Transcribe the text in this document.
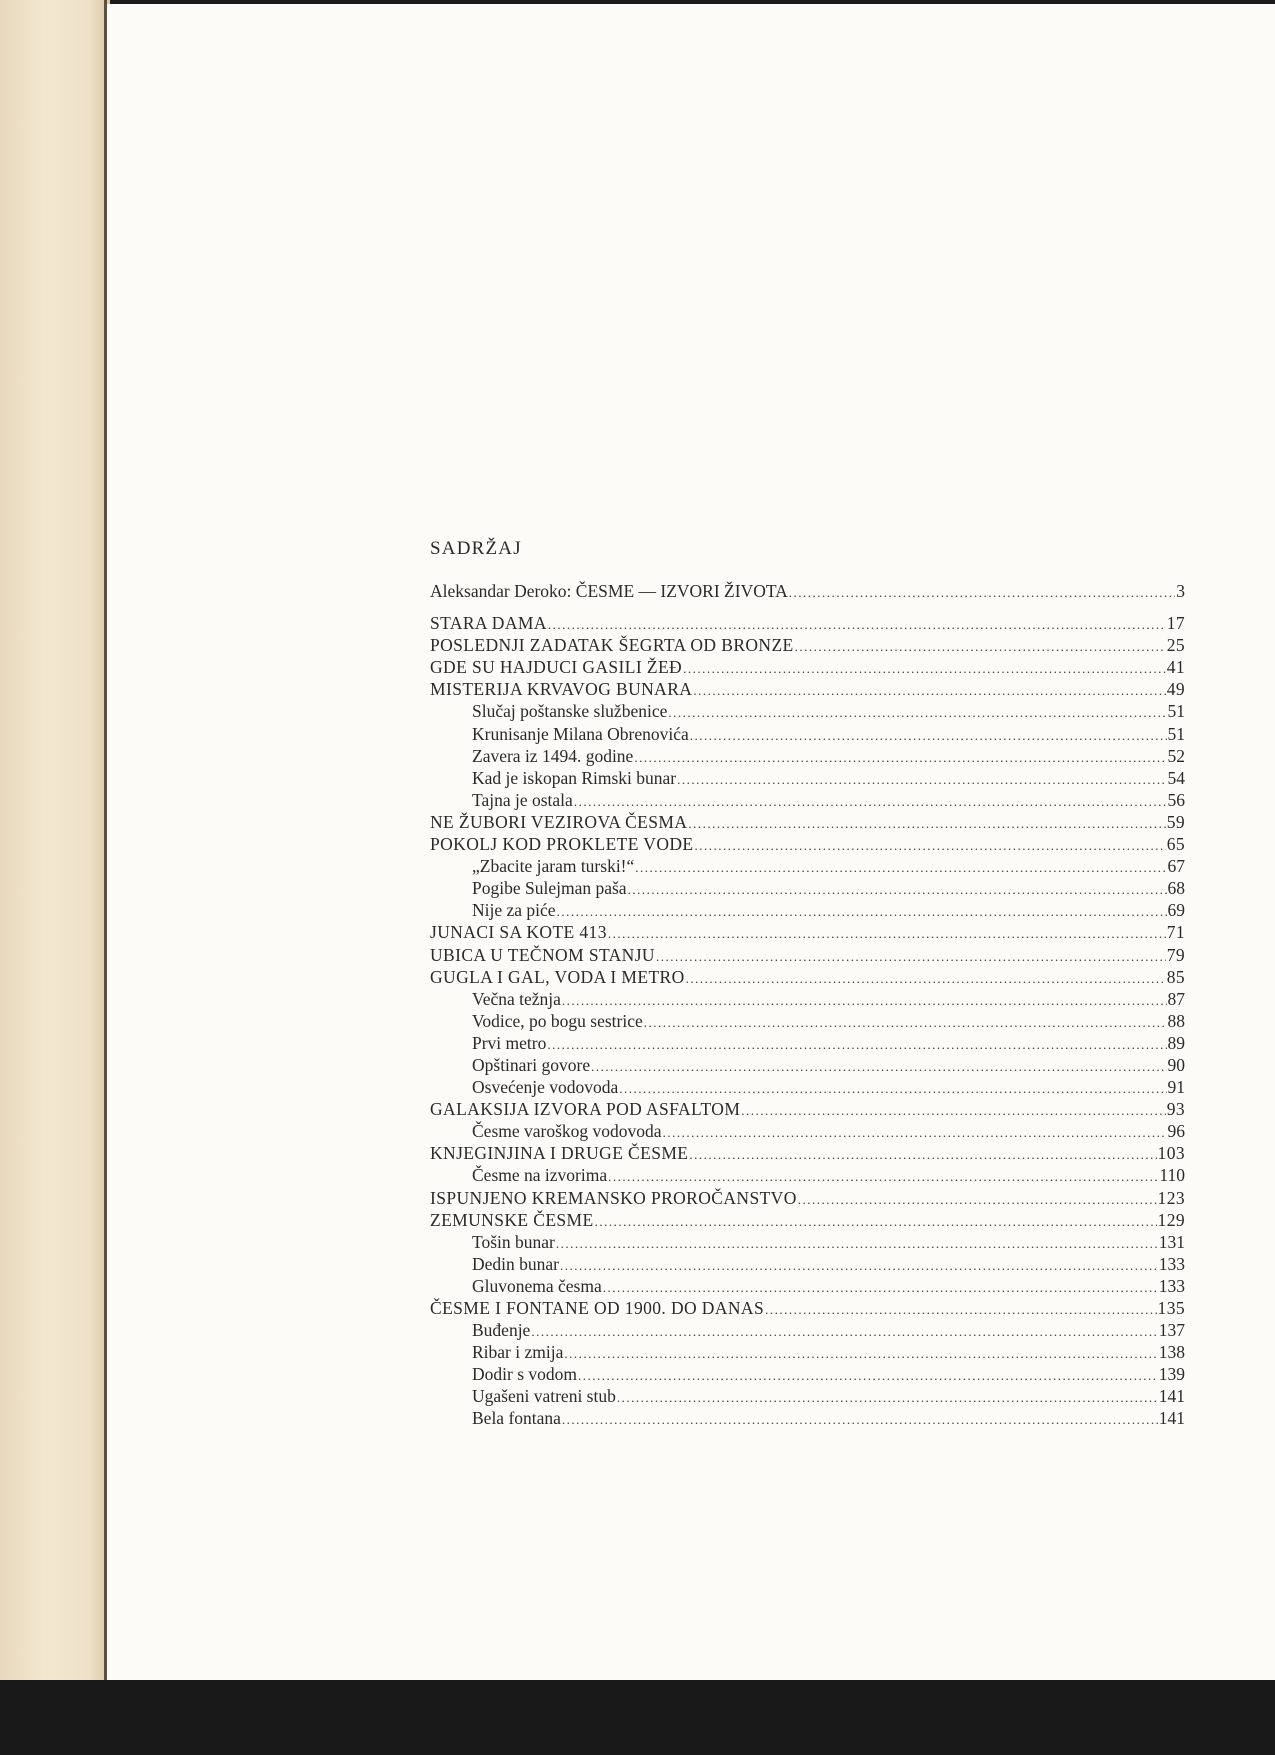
SADRŽAJ
Aleksandar Deroko: ČESME — IZVORI ŽIVOTA .....	3
STARA DAMA .....	17
POSLEDNJI ZADATAK ŠEGRTA OD BRONZE .....	25
GDE SU HAJDUCI GASILI ŽEĐ .....	41
MISTERIJA KRVAVOG BUNARA .....	49
Slučaj poštanske službenice .....	51
Krunisanje Milana Obrenovića .....	51
Zavera iz 1494. godine .....	52
Kad je iskopan Rimski bunar .....	54
Tajna je ostala .....	56
NE ŽUBORI VEZIROVA ČESMA .....	59
POKOLJ KOD PROKLETE VODE .....	65
„Zbacite jaram turski!“ .....	67
Pogibe Sulejman paša .....	68
Nije za piće .....	69
JUNACI SA KOTE 413 .....	71
UBICA U TEČNOM STANJU .....	79
GUGLA I GAL, VODA I METRO .....	85
Večna težnja .....	87
Vodice, po bogu sestrice .....	88
Prvi metro .....	89
Opštinari govore .....	90
Osvećenje vodovoda .....	91
GALAKSIJA IZVORA POD ASFALTOM .....	93
Česme varoškog vodovoda .....	96
KNJEGINJINA I DRUGE ČESME .....	103
Česme na izvorima .....	110
ISPUNJENO KREMANSKO PROROČANSTVO .....	123
ZEMUNSKE ČESME .....	129
Tošin bunar .....	131
Dedin bunar .....	133
Gluvonema česma .....	133
ČESME I FONTANE OD 1900. DO DANAS .....	135
Buđenje .....	137
Ribar i zmija .....	138
Dodir s vodom .....	139
Ugašeni vatreni stub .....	141
Bela fontana .....	141
